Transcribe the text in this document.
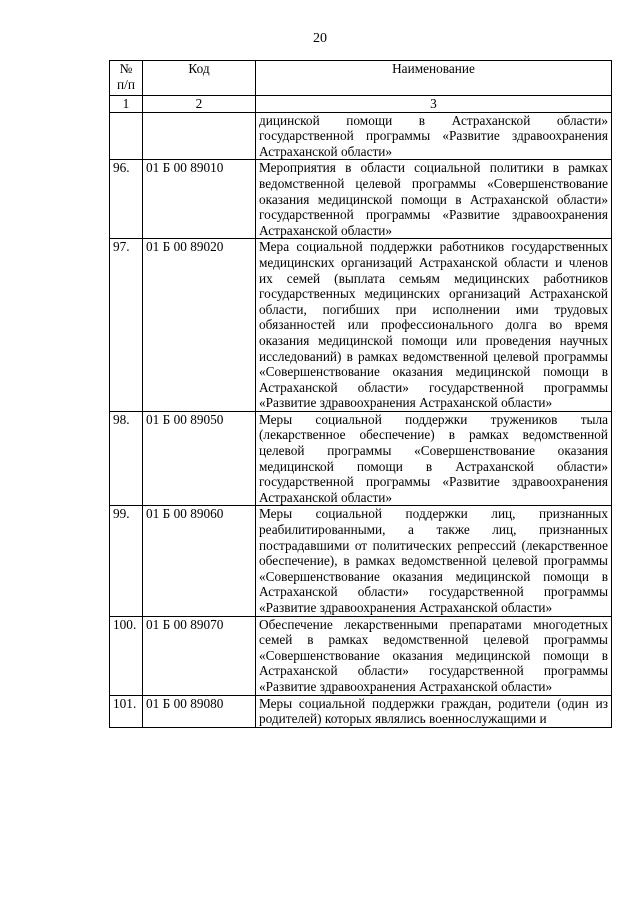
20
№ п/п	Код	Наименование
1	2	3
		дицинской помощи в Астраханской области» государственной программы «Развитие здравоохранения Астраханской области»
96.	01 Б 00 89010	Мероприятия в области социальной политики в рамках ведомственной целевой программы «Совершенствование оказания медицинской помощи в Астраханской области» государственной программы «Развитие здравоохранения Астраханской области»
97.	01 Б 00 89020	Мера социальной поддержки работников государственных медицинских организаций Астраханской области и членов их семей (выплата семьям медицинских работников государственных медицинских организаций Астраханской области, погибших при исполнении ими трудовых обязанностей или профессионального долга во время оказания медицинской помощи или проведения научных исследований) в рамках ведомственной целевой программы «Совершенствование оказания медицинской помощи в Астраханской области» государственной программы «Развитие здравоохранения Астраханской области»
98.	01 Б 00 89050	Меры социальной поддержки тружеников тыла (лекарственное обеспечение) в рамках ведомственной целевой программы «Совершенствование оказания медицинской помощи в Астраханской области» государственной программы «Развитие здравоохранения Астраханской области»
99.	01 Б 00 89060	Меры социальной поддержки лиц, признанных реабилитированными, а также лиц, признанных пострадавшими от политических репрессий (лекарственное обеспечение), в рамках ведомственной целевой программы «Совершенствование оказания медицинской помощи в Астраханской области» государственной программы «Развитие здравоохранения Астраханской области»
100.	01 Б 00 89070	Обеспечение лекарственными препаратами многодетных семей в рамках ведомственной целевой программы «Совершенствование оказания медицинской помощи в Астраханской области» государственной программы «Развитие здравоохранения Астраханской области»
101.	01 Б 00 89080	Меры социальной поддержки граждан, родители (один из родителей) которых являлись военнослужащими и
